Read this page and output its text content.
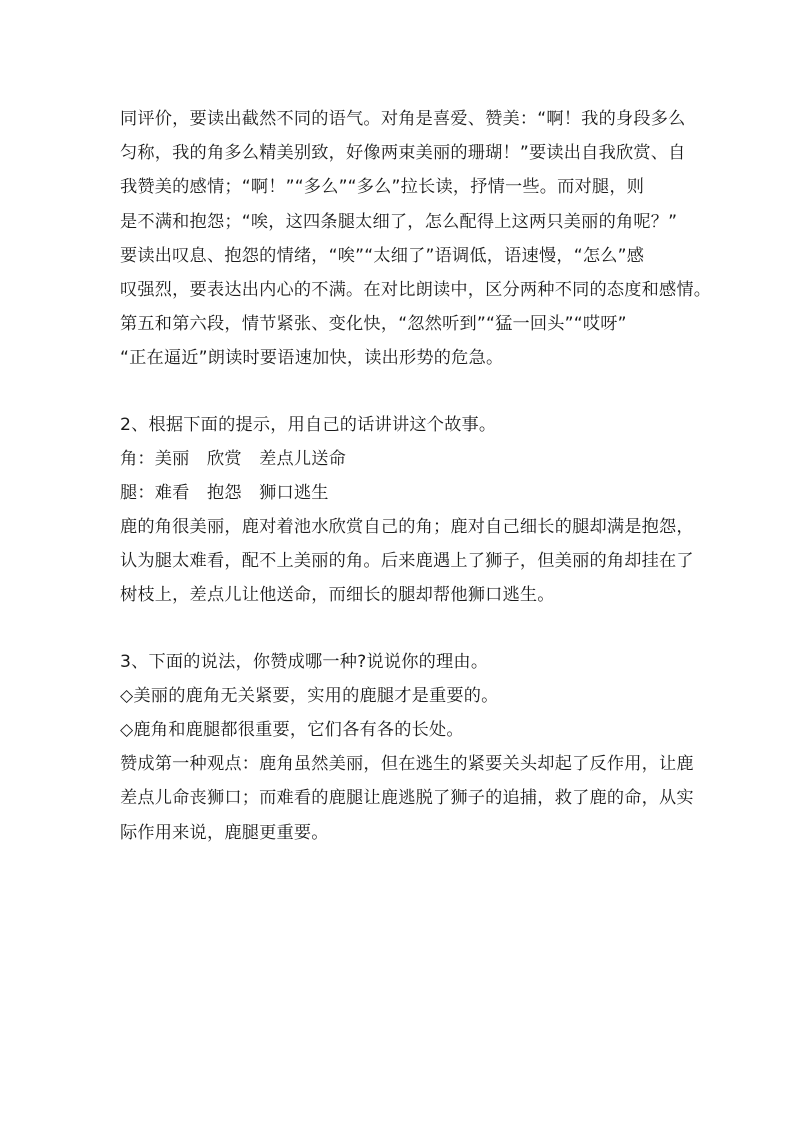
同评价，要读出截然不同的语气。对角是喜爱、赞美：“啊！我的身段多么
匀称，我的角多么精美别致，好像两束美丽的珊瑚！”要读出自我欣赏、自
我赞美的感情；“啊！”“多么”“多么”拉长读，抒情一些。而对腿，则
是不满和抱怨；“唉，这四条腿太细了，怎么配得上这两只美丽的角呢？”
要读出叹息、抱怨的情绪，“唉”“太细了”语调低，语速慢，“怎么”感
叹强烈，要表达出内心的不满。在对比朗读中，区分两种不同的态度和感情。
第五和第六段，情节紧张、变化快，“忽然听到”“猛一回头”“哎呀”
“正在逼近”朗读时要语速加快，读出形势的危急。
2、根据下面的提示，用自己的话讲讲这个故事。
角：美丽　欣赏　差点儿送命
腿：难看　抱怨　狮口逃生
鹿的角很美丽，鹿对着池水欣赏自己的角；鹿对自己细长的腿却满是抱怨，
认为腿太难看，配不上美丽的角。后来鹿遇上了狮子，但美丽的角却挂在了
树枝上，差点儿让他送命，而细长的腿却帮他狮口逃生。
3、下面的说法，你赞成哪一种?说说你的理由。
◇美丽的鹿角无关紧要，实用的鹿腿才是重要的。
◇鹿角和鹿腿都很重要，它们各有各的长处。
赞成第一种观点：鹿角虽然美丽，但在逃生的紧要关头却起了反作用，让鹿
差点儿命丧狮口；而难看的鹿腿让鹿逃脱了狮子的追捕，救了鹿的命，从实
际作用来说，鹿腿更重要。
